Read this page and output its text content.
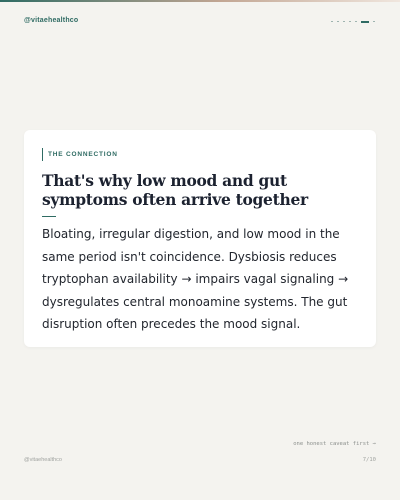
@vitaehealthco
THE CONNECTION
That's why low mood and gut symptoms often arrive together

Bloating, irregular digestion, and low mood in the same period isn't coincidence. Dysbiosis reduces tryptophan availability → impairs vagal signaling → dysregulates central monoamine systems. The gut disruption often precedes the mood signal.

one honest caveat first →
@vitaehealthco	7/10
